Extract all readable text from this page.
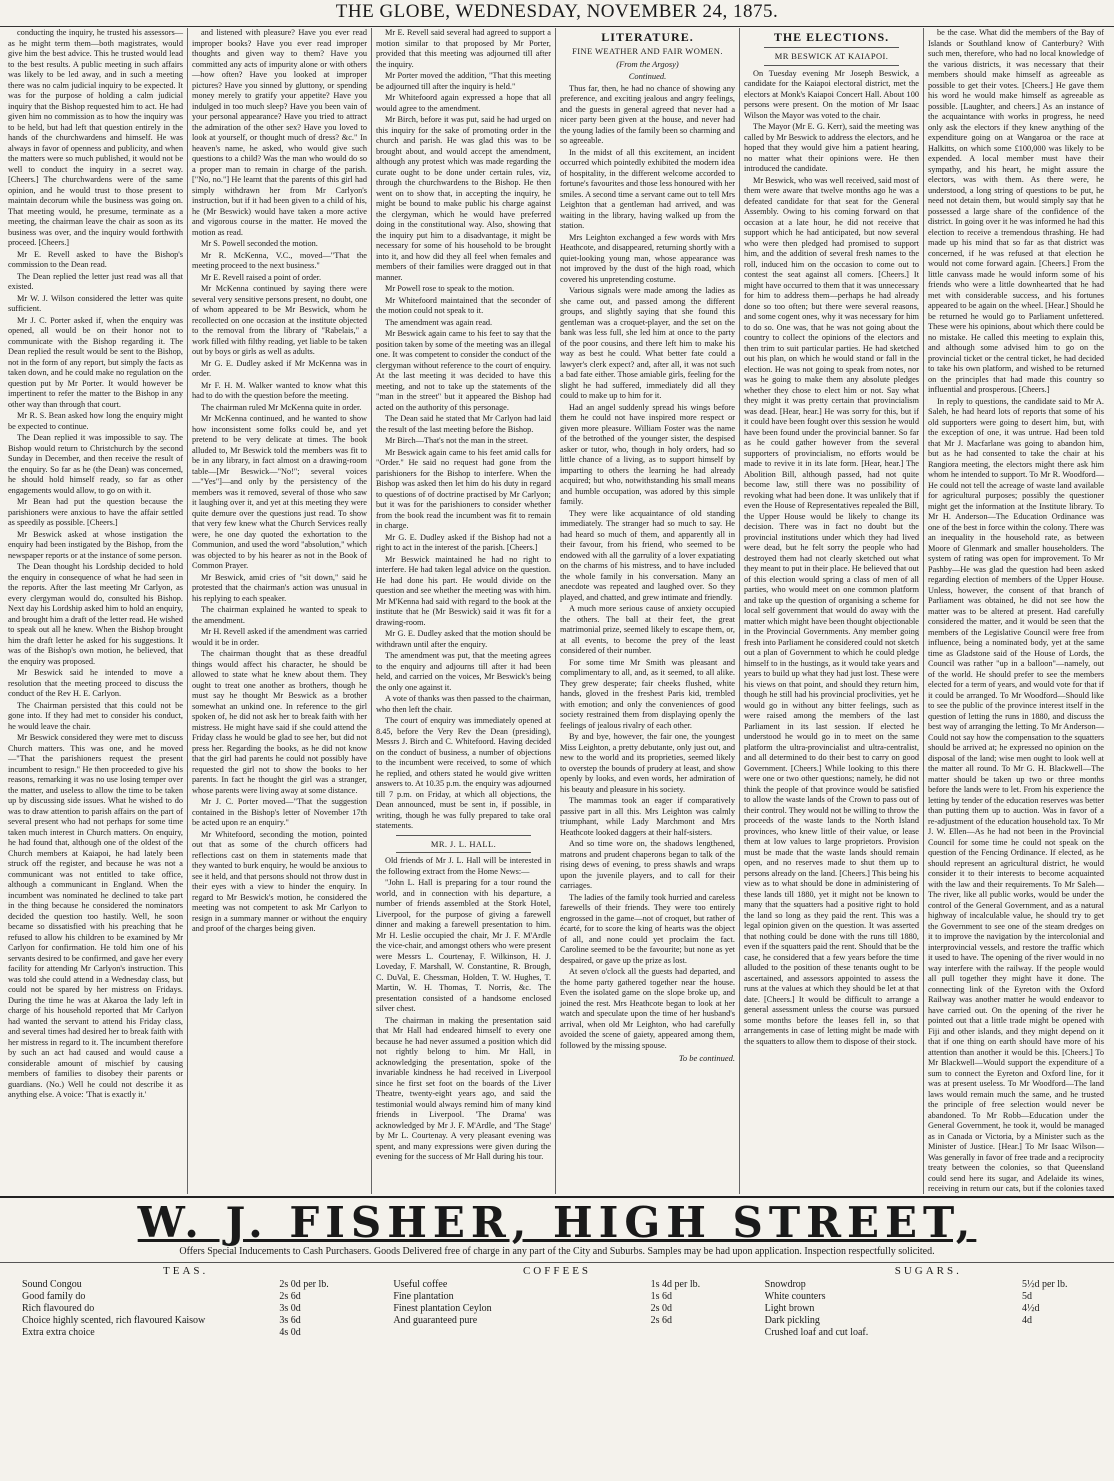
THE GLOBE, WEDNESDAY, NOVEMBER 24, 1875.

conducting the inquiry, he trusted his assessors—as he might term them—both magistrates, would give him the best advice. This he trusted would lead to the best results. A public meeting in such affairs was likely to be led away, and in such a meeting there was no calm judicial inquiry to be expected. It was for the purpose of holding a calm judicial inquiry that the Bishop requested him to act. He had given him no commission as to how the inquiry was to be held, but had left that question entirely in the hands of the churchwardens and himself. He was always in favor of openness and publicity, and when the matters were so much published, it would not be well to conduct the inquiry in a secret way. [Cheers.] The churchwardens were of the same opinion, and he would trust to those present to maintain decorum while the business was going on. That meeting would, he presume, terminate as a meeting, the chairman leave the chair as soon as its business was over, and the inquiry would forthwith proceed. [Cheers.]

Mr E. Revell asked to have the Bishop's commission to the Dean read.

The Dean replied the letter just read was all that existed.

Mr W. J. Wilson considered the letter was quite sufficient.

Mr J. C. Porter asked if, when the enquiry was opened, all would be on their honor not to communicate with the Bishop regarding it. The Dean replied the result would be sent to the Bishop, not in the form of any report, but simply the facts as taken down, and he could make no regulation on the question put by Mr Porter. It would however be impertinent to refer the matter to the Bishop in any other way than through that court.

Mr R. S. Bean asked how long the enquiry might be expected to continue.

The Dean replied it was impossible to say. The Bishop would return to Christchurch by the second Sunday in December, and then receive the result of the enquiry. So far as he (the Dean) was concerned, he should hold himself ready, so far as other engagements would allow, to go on with it.

Mr Bean had put the question because the parishioners were anxious to have the affair settled as speedily as possible. [Cheers.]

Mr Beswick asked at whose instigation the enquiry had been instigated by the Bishop, from the newspaper reports or at the instance of some person.

The Dean thought his Lordship decided to hold the enquiry in consequence of what he had seen in the reports. After the last meeting Mr Carlyon, as every clergyman would do, consulted his Bishop. Next day his Lordship asked him to hold an enquiry, and brought him a draft of the letter read. He wished to speak out all he knew. When the Bishop brought him the draft letter he asked for his suggestions. It was of the Bishop's own motion, he believed, that the enquiry was proposed.

Mr Beswick said he intended to move a resolution that the meeting proceed to discuss the conduct of the Rev H. E. Carlyon.

The Chairman persisted that this could not be gone into. If they had met to consider his conduct, he would leave the chair.

Mr Beswick considered they were met to discuss Church matters. This was one, and he moved—"That the parishioners request the present incumbent to resign." He then proceeded to give his reasons, remarking it was no use losing temper over the matter, and useless to allow the time to be taken up by discussing side issues. What he wished to do was to draw attention to parish affairs on the part of several present who had not perhaps for some time taken much interest in Church matters. On enquiry, he had found that, although one of the oldest of the Church members at Kaiapoi, he had lately been struck off the register, and because he was not a communicant was not entitled to take office, although a communicant in England. When the incumbent was nominated he declined to take part in the thing because he considered the nominators decided the question too hastily. Well, he soon became so dissatisfied with his preaching that he refused to allow his children to be examined by Mr Carlyon for confirmation. He told him one of his servants desired to be confirmed, and gave her every facility for attending Mr Carlyon's instruction. This was told she could attend in a Wednesday class, but could not be spared by her mistress on Fridays. During the time he was at Akaroa the lady left in charge of his household reported that Mr Carlyon had wanted the servant to attend his Friday class, and several times had desired her to break faith with her mistress in regard to it. The incumbent therefore by such an act had caused and would cause a considerable amount of mischief by causing members of families to disobey their parents or guardians. (No.) Well he could not describe it as anything else. A voice: 'That is exactly it.'

and listened with pleasure? Have you ever read improper books? Have you ever read improper thoughts and given way to them? Have you committed any acts of impurity alone or with others—how often? Have you looked at improper pictures? Have you sinned by gluttony, or spending money merely to gratify your appetite? Have you indulged in too much sleep? Have you been vain of your personal appearance? Have you tried to attract the admiration of the other sex? Have you loved to look at yourself, or thought much of dress? &c." In heaven's name, he asked, who would give such questions to a child? Was the man who would do so a proper man to remain in charge of the parish. ["No, no."] He learnt that the parents of this girl had simply withdrawn her from Mr Carlyon's instruction, but if it had been given to a child of his, he (Mr Beswick) would have taken a more active and vigorous course in the matter. He moved the motion as read.

Mr S. Powell seconded the motion.

Mr R. McKenna, V.C., moved—"That the meeting proceed to the next business."

Mr E. Revell raised a point of order.

Mr McKenna continued by saying there were several very sensitive persons present, no doubt, one of whom appeared to be Mr Beswick, whom he recollected on one occasion at the institute objected to the removal from the library of "Rabelais," a work filled with filthy reading, yet liable to be taken out by boys or girls as well as adults.

Mr G. E. Dudley asked if Mr McKenna was in order.

Mr F. H. M. Walker wanted to know what this had to do with the question before the meeting.

The chairman ruled Mr McKenna quite in order.

Mr McKenna continued, and he wanted to show how inconsistent some folks could be, and yet pretend to be very delicate at times. The book alluded to, Mr Beswick told the members was fit to be in any library, in fact almost on a drawing-room table—[Mr Beswick—"No!"; several voices—"Yes"]—and only by the persistency of the members was it removed, several of those who saw it laughing over it, and yet at this meeting they were quite demure over the questions just read. To show that very few knew what the Church Services really were, he one day quoted the exhortation to the Communion, and used the word "absolution," which was objected to by his hearer as not in the Book of Common Prayer.

Mr Beswick, amid cries of "sit down," said he protested that the chairman's action was unusual in his replying to each speaker.

The chairman explained he wanted to speak to the amendment.

Mr H. Revell asked if the amendment was carried would it be in order.

The chairman thought that as these dreadful things would affect his character, he should be allowed to state what he knew about them. They ought to treat one another as brothers, though he must say he thought Mr Beswick as a brother somewhat an unkind one. In reference to the girl spoken of, he did not ask her to break faith with her mistress. He might have said if she could attend the Friday class he would be glad to see her, but did not press her. Regarding the books, as he did not know that the girl had parents he could not possibly have requested the girl not to show the books to her parents. In fact he thought the girl was a stranger, whose parents were living away at some distance.

Mr J. C. Porter moved—"That the suggestion contained in the Bishop's letter of November 17th be acted upon re an enquiry."

Mr Whitefoord, seconding the motion, pointed out that as some of the church officers had reflections cast on them in statements made that they wanted to burk enquiry, he would be anxious to see it held, and that persons should not throw dust in their eyes with a view to hinder the enquiry. In regard to Mr Beswick's motion, he considered the meeting was not competent to ask Mr Carlyon to resign in a summary manner or without the enquiry and proof of the charges being given.

Mr E. Revell said several had agreed to support a motion similar to that proposed by Mr Porter, provided that this meeting was adjourned till after the inquiry.

Mr Porter moved the addition, "That this meeting be adjourned till after the inquiry is held."

Mr Whitefoord again expressed a hope that all would agree to the amendment.

Mr Birch, before it was put, said he had urged on this inquiry for the sake of promoting order in the church and parish. He was glad this was to be brought about, and would accept the amendment, although any protest which was made regarding the curate ought to be done under certain rules, viz, through the churchwardens to the Bishop. He then went on to show that, in accepting the inquiry, he might be bound to make public his charge against the clergyman, which he would have preferred doing in the constitutional way. Also, showing that the inquiry put him to a disadvantage, it might be necessary for some of his household to be brought into it, and how did they all feel when females and members of their families were dragged out in that manner.

Mr Powell rose to speak to the motion.

Mr Whitefoord maintained that the seconder of the motion could not speak to it.

The amendment was again read.

Mr Beswick again came to his feet to say that the position taken by some of the meeting was an illegal one. It was competent to consider the conduct of the clergyman without reference to the court of enquiry. At the last meeting it was decided to have this meeting, and not to take up the statements of the "man in the street" but it appeared the Bishop had acted on the authority of this personage.

The Dean said he stated that Mr Carlyon had laid the result of the last meeting before the Bishop.

Mr Birch—That's not the man in the street.

Mr Beswick again came to his feet amid calls for "Order." He said no request had gone from the parishioners for the Bishop to interfere. When the Bishop was asked then let him do his duty in regard to questions of of doctrine practised by Mr Carlyon; but it was for the parishioners to consider whether from the book read the incumbent was fit to remain in charge.

Mr G. E. Dudley asked if the Bishop had not a right to act in the interest of the parish. [Cheers.]

Mr Beswick maintained he had no right to interfere. He had taken legal advice on the question. He had done his part. He would divide on the question and see whether the meeting was with him. Mr M'Kenna had said with regard to the book at the institute that he (Mr Beswick) said it was fit for a drawing-room.

Mr G. E. Dudley asked that the motion should be withdrawn until after the enquiry.

The amendment was put, that the meeting agrees to the enquiry and adjourns till after it had been held, and carried on the voices, Mr Beswick's being the only one against it.

A vote of thanks was then passed to the chairman, who then left the chair.

The court of enquiry was immediately opened at 8.45, before the Very Rev the Dean (presiding), Messrs J. Birch and C. Whitefoord. Having decided on the conduct of business, a number of objections to the incumbent were received, to some of which he replied, and others stated he would give written answers to. At 10.35 p.m. the enquiry was adjourned till 7 p.m. on Friday, at which all objections, the Dean announced, must be sent in, if possible, in writing, though he was fully prepared to take oral statements.

MR. J. L. HALL.

Old friends of Mr J. L. Hall will be interested in the following extract from the Home News:—

"John L. Hall is preparing for a tour round the world, and in connection with his departure, a number of friends assembled at the Stork Hotel, Liverpool, for the purpose of giving a farewell dinner and making a farewell presentation to him. Mr H. Leslie occupied the chair, Mr J. F. M'Ardle the vice-chair, and amongst others who were present were Messrs L. Courtenay, F. Wilkinson, H. J. Loveday, F. Marshall, W. Constantine, R. Brough, C. DuVal, E. Chessman, Holden, T. W. Hughes, T. Martin, W. H. Thomas, T. Norris, &c. The presentation consisted of a handsome enclosed silver chest.

The chairman in making the presentation said that Mr Hall had endeared himself to every one because he had never assumed a position which did not rightly belong to him. Mr Hall, in acknowledging the presentation, spoke of the invariable kindness he had received in Liverpool since he first set foot on the boards of the Liver Theatre, twenty-eight years ago, and said the testimonial would always remind him of many kind friends in Liverpool. 'The Drama' was acknowledged by Mr J. F. M'Ardle, and 'The Stage' by Mr L. Courtenay. A very pleasant evening was spent, and many expressions were given during the evening for the success of Mr Hall during his tour.

LITERATURE.
FINE WEATHER AND FAIR WOMEN.
(From the Argosy)
Continued.

Thus far, then, he had no chance of showing any preference, and exciting jealous and angry feelings, and the guests in general agreed that never had a nicer party been given at the house, and never had the young ladies of the family been so charming and so agreeable.

In the midst of all this excitement, an incident occurred which pointedly exhibited the modern idea of hospitality, in the different welcome accorded to fortune's favourites and those less honoured with her smiles. A second time a servant came out to tell Mrs Leighton that a gentleman had arrived, and was waiting in the library, having walked up from the station.

Mrs Leighton exchanged a few words with Mrs Heathcote, and disappeared, returning shortly with a quiet-looking young man, whose appearance was not improved by the dust of the high road, which covered his unpretending costume.

Various signals were made among the ladies as she came out, and passed among the different groups, and slightly saying that she found this gentleman was a croquet-player, and the set on the bank was less full, she led him at once to the party of the poor cousins, and there left him to make his way as best he could. What better fate could a lawyer's clerk expect? and, after all, it was not such a bad fate either. Those amiable girls, feeling for the slight he had suffered, immediately did all they could to make up to him for it.

Had an angel suddenly spread his wings before them he could not have inspired more respect or given more pleasure. William Foster was the name of the betrothed of the younger sister, the despised asker or tutor, who, though in holy orders, had so little chance of a living, as to support himself by imparting to others the learning he had already acquired; but who, notwithstanding his small means and humble occupation, was adored by this simple family.

They were like acquaintance of old standing immediately. The stranger had so much to say. He had heard so much of them, and apparently all in their favour, from his friend, who seemed to be endowed with all the garrulity of a lover expatiating on the charms of his mistress, and to have included the whole family in his conversation. Many an anecdote was repeated and laughed over. So they played, and chatted, and grew intimate and friendly.

A much more serious cause of anxiety occupied the others. The ball at their feet, the great matrimonial prize, seemed likely to escape them, or, at all events, to become the prey of the least considered of their number.

For some time Mr Smith was pleasant and complimentary to all, and, as it seemed, to all alike. They grew desperate; fair cheeks flushed, white hands, gloved in the freshest Paris kid, trembled with emotion; and only the conveniences of good society restrained them from displaying openly the feelings of jealous rivalry of each other.

By and bye, however, the fair one, the youngest Miss Leighton, a pretty debutante, only just out, and new to the world and its proprieties, seemed likely to overstep the bounds of prudery at least, and show openly by looks, and even words, her admiration of his beauty and pleasure in his society.

The mammas took an eager if comparatively passive part in all this. Mrs Leighton was calmly triumphant, while Lady Marchmont and Mrs Heathcote looked daggers at their half-sisters.

And so time wore on, the shadows lengthened, matrons and prudent chaperons began to talk of the rising dews of evening, to press shawls and wraps upon the juvenile players, and to call for their carriages.

The ladies of the family took hurried and careless farewells of their friends. They were too entirely engrossed in the game—not of croquet, but rather of écarté, for to score the king of hearts was the object of all, and none could yet proclaim the fact. Caroline seemed to be the favourite; but none as yet despaired, or gave up the prize as lost.

At seven o'clock all the guests had departed, and the home party gathered together near the house. Even the isolated game on the slope broke up, and joined the rest. Mrs Heathcote began to look at her watch and speculate upon the time of her husband's arrival, when old Mr Leighton, who had carefully avoided the scene of gaiety, appeared among them, followed by the missing spouse.

To be continued.
THE ELECTIONS.
MR BESWICK AT KAIAPOI.

On Tuesday evening Mr Joseph Beswick, a candidate for the Kaiapoi electoral district, met the electors at Monk's Kaiapoi Concert Hall. About 100 persons were present. On the motion of Mr Isaac Wilson the Mayor was voted to the chair.

The Mayor (Mr E. G. Kerr), said the meeting was called by Mr Beswick to address the electors, and he hoped that they would give him a patient hearing, no matter what their opinions were. He then introduced the candidate.

Mr Beswick, who was well received, said most of them were aware that twelve months ago he was a defeated candidate for that seat for the General Assembly. Owing to his coming forward on that occasion at a late hour, he did not receive that support which he had anticipated, but now several who were then pledged had promised to support him, and the addition of several fresh names to the roll, induced him on the occasion to come out to contest the seat against all comers. [Cheers.] It might have occurred to them that it was unnecessary for him to address them—perhaps he had already done so too often; but there were several reasons, and some cogent ones, why it was necessary for him to do so. One was, that he was not going about the country to collect the opinions of the electors and then trim to suit particular parties. He had sketched out his plan, on which he would stand or fall in the election. He was not going to speak from notes, nor was he going to make them any absolute pledges whether they chose to elect him or not. Say what they might it was pretty certain that provincialism was dead. [Hear, hear.] He was sorry for this, but if it could have been fought over this session he would have been found under the provincial banner. So far as he could gather however from the several supporters of provincialism, no efforts would be made to revive it in its late form. [Hear, hear.] The Abolition Bill, although passed, had not quite become law, still there was no possibility of revoking what had been done. It was unlikely that if even the House of Representatives repealed the Bill, the Upper House would be likely to change its decision. There was in fact no doubt but the provincial institutions under which they had lived were dead, but he felt sorry the people who had destroyed them had not clearly sketched out what they meant to put in their place. He believed that out of this election would spring a class of men of all parties, who would meet on one common platform and take up the question of organising a scheme for local self government that would do away with the matter which might have been thought objectionable in the Provincial Governments. Any member going fresh into Parliament he considered could not sketch out a plan of Government to which he could pledge himself to in the hustings, as it would take years and years to build up what they had just lost. These were his views on that point, and should they return him, though he still had his provincial proclivities, yet he would go in without any bitter feelings, such as were raised among the members of the last Parliament in its last session. If elected he understood he would go in to meet on the same platform the ultra-provincialist and ultra-centralist, and all determined to do their best to carry on good Government. [Cheers.] While looking to this there were one or two other questions; namely, he did not think the people of that province would be satisfied to allow the waste lands of the Crown to pass out of their control. They would not be willing to throw the proceeds of the waste lands to the North Island provinces, who knew little of their value, or lease them at low values to large proprietors. Provision must be made that the waste lands should remain open, and no reserves made to shut them up to persons already on the land. [Cheers.] This being his view as to what should be done in administering of these lands till 1880, yet it might not be known to many that the squatters had a positive right to hold the land so long as they paid the rent. This was a legal opinion given on the question. It was asserted that nothing could be done with the runs till 1880, even if the squatters paid the rent. Should that be the case, he considered that a few years before the time alluded to the position of these tenants ought to be ascertained, and assessors appointed to assess the runs at the values at which they should be let at that date. [Cheers.] It would be difficult to arrange a general assessment unless the course was pursued some months before the leases fell in, so that arrangements in case of letting might be made with the squatters to allow them to dispose of their stock.

be the case. What did the members of the Bay of Islands or Southland know of Canterbury? With such men, therefore, who had no local knowledge of the various districts, it was necessary that their members should make himself as agreeable as possible to get their votes. [Cheers.] He gave them his word he would make himself as agreeable as possible. [Laughter, and cheers.] As an instance of the acquaintance with works in progress, he need only ask the electors if they knew anything of the expenditure going on at Wangaroa or the race at Halkitts, on which some £100,000 was likely to be expended. A local member must have their sympathy, and his heart, he might assure the electors, was with them. As there were, he understood, a long string of questions to be put, he need not detain them, but would simply say that he possessed a large share of the confidence of the district. In going over it he was informed he had this election to receive a tremendous thrashing. He had made up his mind that so far as that district was concerned, if he was refused at that election he would not come forward again. [Cheers.] From the little canvass made he would inform some of his friends who were a little downhearted that he had met with considerable success, and his fortunes appeared to be again on the wheel. [Hear.] Should he be returned he would go to Parliament unfettered. These were his opinions, about which there could be no mistake. He called this meeting to explain this, and although some advised him to go on the provincial ticket or the central ticket, he had decided to take his own platform, and wished to be returned on the principles that had made this country so influential and prosperous. [Cheers.]

In reply to questions, the candidate said to Mr A. Saleh, he had heard lots of reports that some of his old supporters were going to desert him, but, with the exception of one, it was untrue. Had been told that Mr J. Macfarlane was going to abandon him, but as he had consented to take the chair at his Rangiora meeting, the electors might there ask him whom he intended to support. To Mr R. Woodford—He could not tell the acreage of waste land available for agricultural purposes; possibly the questioner might get the information at the Institute library. To Mr H. Anderson—The Education Ordinance was one of the best in force within the colony. There was an inequality in the household rate, as between Moore of Glenmark and smaller householders. The system of rating was open for improvement. To Mr Pashby—He was glad the question had been asked regarding election of members of the Upper House. Unless, however, the consent of that branch of Parliament was obtained, he did not see how the matter was to be altered at present. Had carefully considered the matter, and it would be seen that the members of the Legislative Council were free from influence, being a nominated body, yet at the same time as Gladstone said of the House of Lords, the Council was rather "up in a balloon"—namely, out of the world. He should prefer to see the members elected for a term of years, and would vote for that if it could be arranged. To Mr Woodford—Should like to see the public of the province interest itself in the question of letting the runs in 1880, and discuss the best way of arranging the letting. To Mr Anderson—Could not say how the compensation to the squatters should be arrived at; he expressed no opinion on the disposal of the land; wise men ought to look well at the matter all round. To Mr G. H. Blackwell—The matter should be taken up two or three months before the lands were to let. From his experience the letting by tender of the education reserves was better than putting them up to auction. Was in favor of a re-adjustment of the education household tax. To Mr J. W. Ellen—As he had not been in the Provincial Council for some time he could not speak on the question of the Fencing Ordinance. If elected, as he should represent an agricultural district, he would consider it to their interests to become acquainted with the law and their requirements. To Mr Saleh—The river, like all public works, would be under the control of the General Government, and as a natural highway of incalculable value, he should try to get the Government to see one of the steam dredges on it to improve the navigation by the intercolonial and interprovincial vessels, and restore the traffic which it used to have. The opening of the river would in no way interfere with the railway. If the people would all pull together they might have it done. The connecting link of the Eyreton with the Oxford Railway was another matter he would endeavor to have carried out. On the opening of the river he pointed out that a little trade might be opened with Fiji and other islands, and they might depend on it that if one thing on earth should have more of his attention than another it would be this. [Cheers.] To Mr Blackwell—Would support the expenditure of a sum to connect the Eyreton and Oxford line, for it was at present useless. To Mr Woodford—The land laws would remain much the same, and he trusted the principle of free selection would never be abandoned. To Mr Robb—Education under the General Government, he took it, would be managed as in Canada or Victoria, by a Minister such as the Minister of Justice. [Hear.] To Mr Isaac Wilson—Was generally in favor of free trade and a reciprocity treaty between the colonies, so that Queensland could send here its sugar, and Adelaide its wines, receiving in return our cats, but if the colonies taxed

W. J. FISHER, HIGH STREET,
Offers Special Inducements to Cash Purchasers. Goods Delivered free of charge in any part of the City and Suburbs. Samples may be had upon application. Inspection respectfully solicited.
TEAS.
Sound Congou	2s 0d per lb.
Good family do	2s 6d
Rich flavoured do	3s 0d
Choice highly scented, rich flavoured Kaisow	3s 6d
Extra extra choice	4s 0d
COFFEES
Useful coffee	1s 4d per lb.
Fine plantation	1s 6d
Finest plantation Ceylon	2s 0d
And guaranteed pure	2s 6d
SUGARS.
Snowdrop	5½d per lb.
White counters	5d
Light brown	4½d
Dark pickling	4d
Crushed loaf and cut loaf.
